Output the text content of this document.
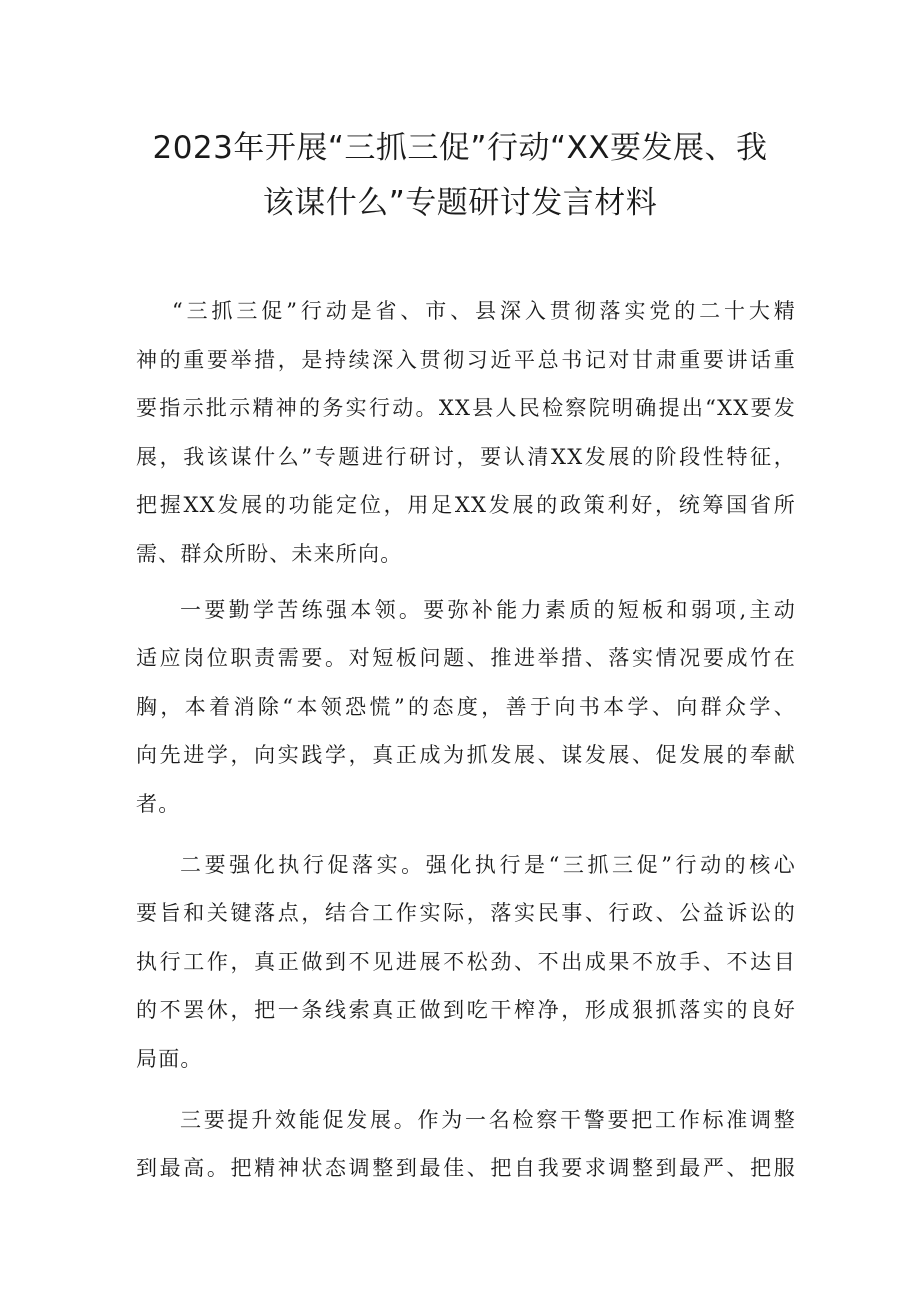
2023年开展“三抓三促”行动“XX要发展、我
该谋什么”专题研讨发言材料

“三抓三促”行动是省、市、县深入贯彻落实党的二十大精
神的重要举措，是持续深入贯彻习近平总书记对甘肃重要讲话重
要指示批示精神的务实行动。XX县人民检察院明确提出“XX要发
展，我该谋什么”专题进行研讨，要认清XX发展的阶段性特征，
把握XX发展的功能定位，用足XX发展的政策利好，统筹国省所
需、群众所盼、未来所向。

一要勤学苦练强本领。要弥补能力素质的短板和弱项,主动
适应岗位职责需要。对短板问题、推进举措、落实情况要成竹在
胸，本着消除“本领恐慌”的态度，善于向书本学、向群众学、
向先进学，向实践学，真正成为抓发展、谋发展、促发展的奉献
者。

二要强化执行促落实。强化执行是“三抓三促”行动的核心
要旨和关键落点，结合工作实际，落实民事、行政、公益诉讼的
执行工作，真正做到不见进展不松劲、不出成果不放手、不达目
的不罢休，把一条线索真正做到吃干榨净，形成狠抓落实的良好
局面。

三要提升效能促发展。作为一名检察干警要把工作标准调整
到最高。把精神状态调整到最佳、把自我要求调整到最严、把服
